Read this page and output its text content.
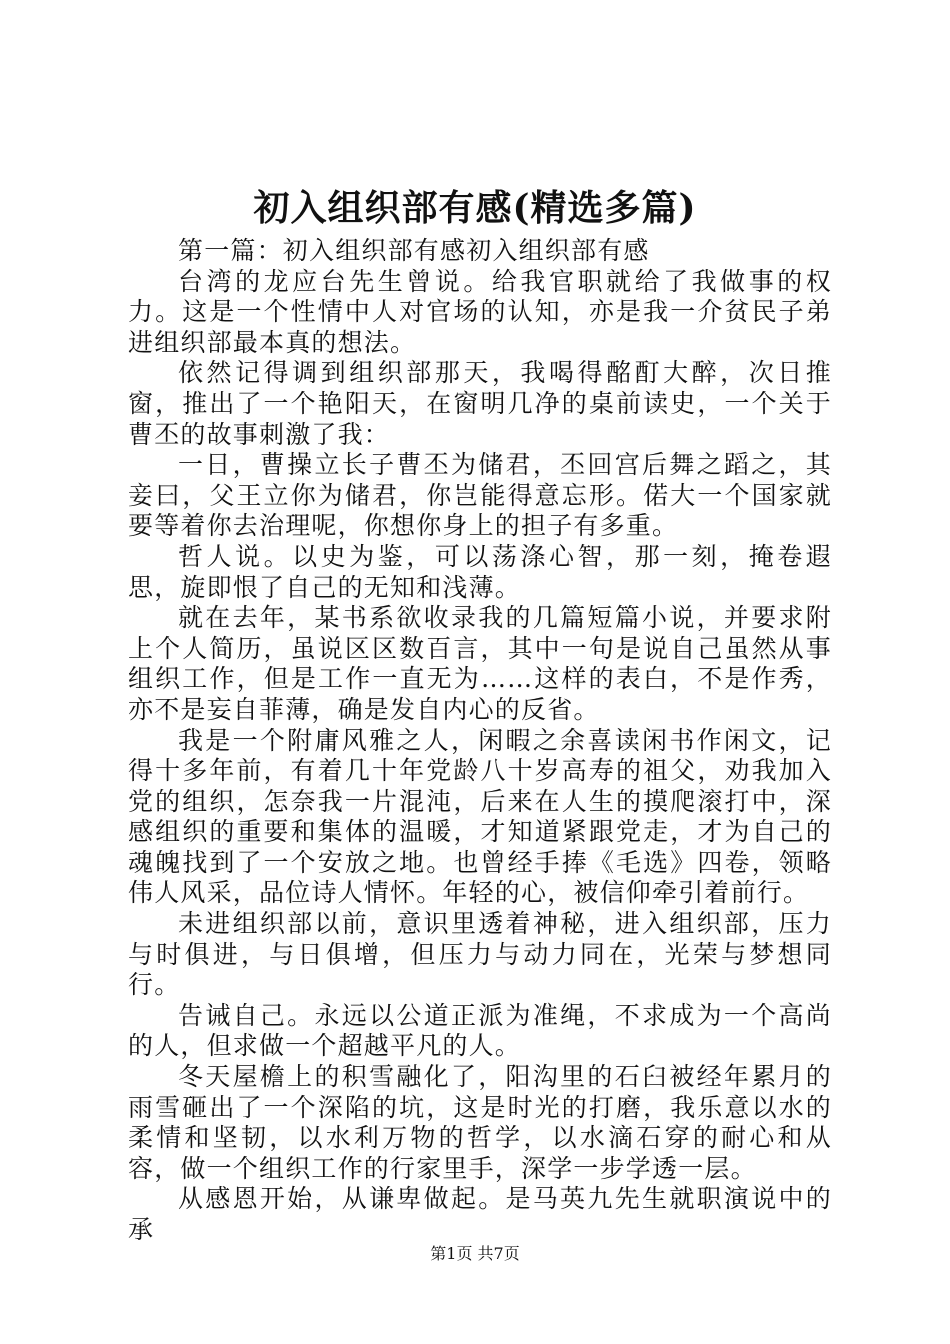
初入组织部有感(精选多篇)

第一篇：初入组织部有感初入组织部有感

台湾的龙应台先生曾说。给我官职就给了我做事的权力。这是一个性情中人对官场的认知，亦是我一介贫民子弟进组织部最本真的想法。

依然记得调到组织部那天，我喝得酩酊大醉，次日推窗，推出了一个艳阳天，在窗明几净的桌前读史，一个关于曹丕的故事刺激了我：

一日，曹操立长子曹丕为储君，丕回宫后舞之蹈之，其妾曰，父王立你为储君，你岂能得意忘形。偌大一个国家就要等着你去治理呢，你想你身上的担子有多重。

哲人说。以史为鉴，可以荡涤心智，那一刻，掩卷遐思，旋即恨了自己的无知和浅薄。

就在去年，某书系欲收录我的几篇短篇小说，并要求附上个人简历，虽说区区数百言，其中一句是说自己虽然从事组织工作，但是工作一直无为……这样的表白，不是作秀，亦不是妄自菲薄，确是发自内心的反省。

我是一个附庸风雅之人，闲暇之余喜读闲书作闲文，记得十多年前，有着几十年党龄八十岁高寿的祖父，劝我加入党的组织，怎奈我一片混沌，后来在人生的摸爬滚打中，深感组织的重要和集体的温暖，才知道紧跟党走，才为自己的魂魄找到了一个安放之地。也曾经手捧《毛选》四卷，领略伟人风采，品位诗人情怀。年轻的心，被信仰牵引着前行。

未进组织部以前，意识里透着神秘，进入组织部，压力与时俱进，与日俱增，但压力与动力同在，光荣与梦想同行。

告诫自己。永远以公道正派为准绳，不求成为一个高尚的人，但求做一个超越平凡的人。

冬天屋檐上的积雪融化了，阳沟里的石臼被经年累月的雨雪砸出了一个深陷的坑，这是时光的打磨，我乐意以水的柔情和坚韧，以水利万物的哲学，以水滴石穿的耐心和从容，做一个组织工作的行家里手，深学一步学透一层。

从感恩开始，从谦卑做起。是马英九先生就职演说中的承

第1页 共7页
